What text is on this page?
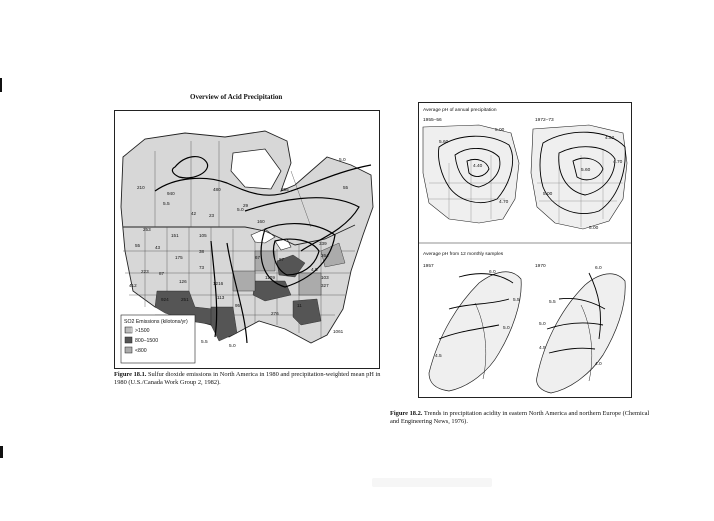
Overview of Acid Precipitation
5.0
5.5
4.5
5.0
5.5
5.0
210
940
480	255	55
253
42	23
29
160
151	105
55	43
175
38
67
73
339
223
126	1216
412
87
87
264
103
327
1109
95
251	113
924
276
1061
11
SO2 Emissions (kilotons/yr)
>1500
800–1500
<800
Figure 18.1. Sulfur dioxide emissions in North America in 1980 and precipitation-weighted mean pH in 1980 (U.S./Canada Work Group 2, 1982).
Average pH of annual precipitation
1955–56	1972–73
5.00
5.60
4.40
4.70
4.52
5.00
5.60
4.70
5.00
Average pH from 12 monthly samples
1957	1970
6.0
5.5
5.0
4.5
6.0
5.5
5.0
4.5
4.0
Figure 18.2. Trends in precipitation acidity in eastern North America and northern Europe (Chemical and Engineering News, 1976).
